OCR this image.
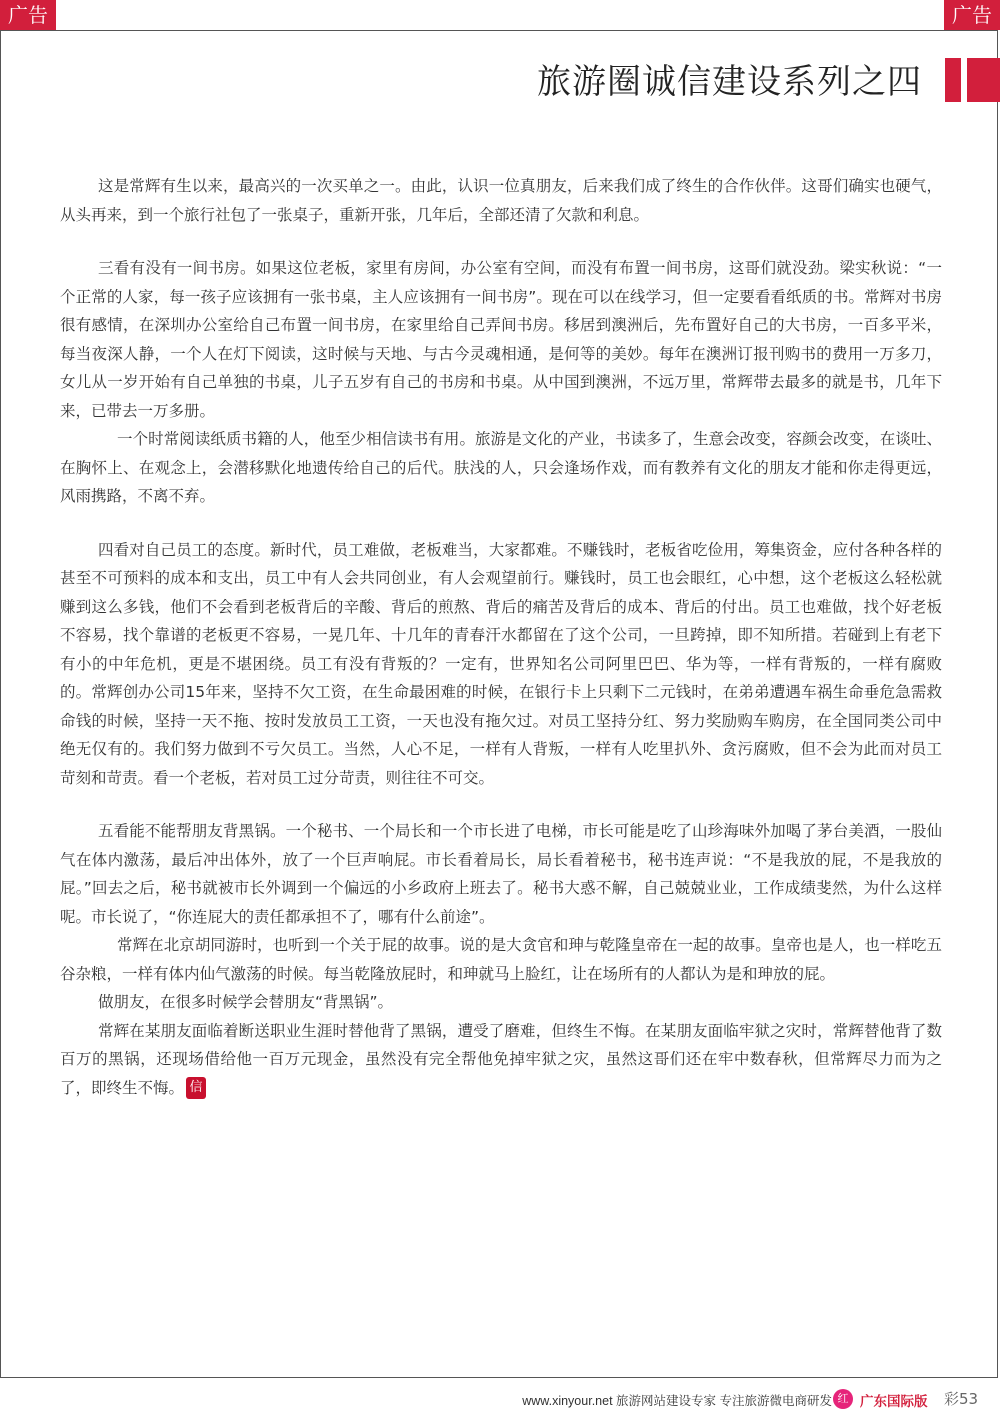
广告	广告
旅游圈诚信建设系列之四

这是常辉有生以来，最高兴的一次买单之一。由此，认识一位真朋友，后来我们成了终生的合作伙伴。这哥们确实也硬气，从头再来，到一个旅行社包了一张桌子，重新开张，几年后，全部还清了欠款和利息。

三看有没有一间书房。如果这位老板，家里有房间，办公室有空间，而没有布置一间书房，这哥们就没劲。梁实秋说：“一个正常的人家，每一孩子应该拥有一张书桌，主人应该拥有一间书房”。现在可以在线学习，但一定要看看纸质的书。常辉对书房很有感情，在深圳办公室给自己布置一间书房，在家里给自己弄间书房。移居到澳洲后，先布置好自己的大书房，一百多平米，每当夜深人静，一个人在灯下阅读，这时候与天地、与古今灵魂相通，是何等的美妙。每年在澳洲订报刊购书的费用一万多刀，女儿从一岁开始有自己单独的书桌，儿子五岁有自己的书房和书桌。从中国到澳洲，不远万里，常辉带去最多的就是书，几年下来，已带去一万多册。

一个时常阅读纸质书籍的人，他至少相信读书有用。旅游是文化的产业，书读多了，生意会改变，容颜会改变，在谈吐、在胸怀上、在观念上，会潜移默化地遗传给自己的后代。肤浅的人，只会逢场作戏，而有教养有文化的朋友才能和你走得更远，风雨携路，不离不弃。

四看对自己员工的态度。新时代，员工难做，老板难当，大家都难。不赚钱时，老板省吃俭用，筹集资金，应付各种各样的甚至不可预料的成本和支出，员工中有人会共同创业，有人会观望前行。赚钱时，员工也会眼红，心中想，这个老板这么轻松就赚到这么多钱，他们不会看到老板背后的辛酸、背后的煎熬、背后的痛苦及背后的成本、背后的付出。员工也难做，找个好老板不容易，找个靠谱的老板更不容易，一晃几年、十几年的青春汗水都留在了这个公司，一旦跨掉，即不知所措。若碰到上有老下有小的中年危机，更是不堪困绕。员工有没有背叛的？一定有，世界知名公司阿里巴巴、华为等，一样有背叛的，一样有腐败的。常辉创办公司15年来，坚持不欠工资，在生命最困难的时候，在银行卡上只剩下二元钱时，在弟弟遭遇车祸生命垂危急需救命钱的时候，坚持一天不拖、按时发放员工工资，一天也没有拖欠过。对员工坚持分红、努力奖励购车购房，在全国同类公司中绝无仅有的。我们努力做到不亏欠员工。当然，人心不足，一样有人背叛，一样有人吃里扒外、贪污腐败，但不会为此而对员工苛刻和苛责。看一个老板，若对员工过分苛责，则往往不可交。

五看能不能帮朋友背黑锅。一个秘书、一个局长和一个市长进了电梯，市长可能是吃了山珍海味外加喝了茅台美酒，一股仙气在体内激荡，最后冲出体外，放了一个巨声响屁。市长看着局长，局长看着秘书，秘书连声说：“不是我放的屁，不是我放的屁。”回去之后，秘书就被市长外调到一个偏远的小乡政府上班去了。秘书大惑不解，自己兢兢业业，工作成绩斐然，为什么这样呢。市长说了，“你连屁大的责任都承担不了，哪有什么前途”。

常辉在北京胡同游时，也听到一个关于屁的故事。说的是大贪官和珅与乾隆皇帝在一起的故事。皇帝也是人，也一样吃五谷杂粮，一样有体内仙气激荡的时候。每当乾隆放屁时，和珅就马上脸红，让在场所有的人都认为是和珅放的屁。

做朋友，在很多时候学会替朋友“背黑锅”。

常辉在某朋友面临着断送职业生涯时替他背了黑锅，遭受了磨难，但终生不悔。在某朋友面临牢狱之灾时，常辉替他背了数百万的黑锅，还现场借给他一百万元现金，虽然没有完全帮他免掉牢狱之灾，虽然这哥们还在牢中数春秋，但常辉尽力而为之了，即终生不悔。 信

www.xinyour.net 旅游网站建设专家 专注旅游微电商研发 红 广东国际版 彩53
